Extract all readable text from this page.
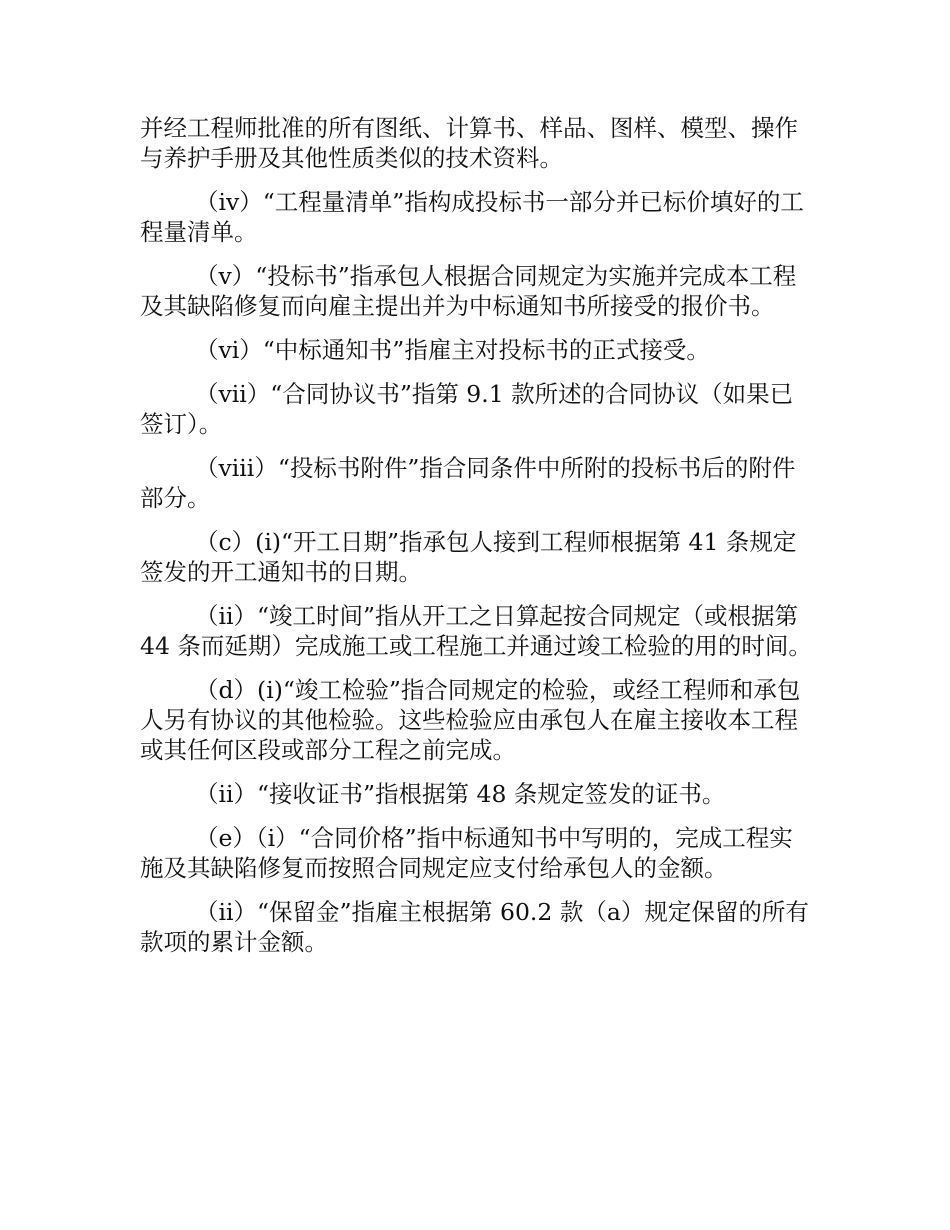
并经工程师批准的所有图纸、计算书、样品、图样、模型、操作与养护手册及其他性质类似的技术资料。

（iv）“工程量清单”指构成投标书一部分并已标价填好的工程量清单。

（v）“投标书”指承包人根据合同规定为实施并完成本工程及其缺陷修复而向雇主提出并为中标通知书所接受的报价书。

（vi）“中标通知书”指雇主对投标书的正式接受。

（vii）“合同协议书”指第 9.1 款所述的合同协议（如果已签订）。

（viii）“投标书附件”指合同条件中所附的投标书后的附件部分。

（c）(i)“开工日期”指承包人接到工程师根据第 41 条规定签发的开工通知书的日期。

（ii）“竣工时间”指从开工之日算起按合同规定（或根据第 44 条而延期）完成施工或工程施工并通过竣工检验的用的时间。

（d）(i)“竣工检验”指合同规定的检验，或经工程师和承包人另有协议的其他检验。这些检验应由承包人在雇主接收本工程或其任何区段或部分工程之前完成。

（ii）“接收证书”指根据第 48 条规定签发的证书。

（e）（i）“合同价格”指中标通知书中写明的，完成工程实施及其缺陷修复而按照合同规定应支付给承包人的金额。

（ii）“保留金”指雇主根据第 60.2 款（a）规定保留的所有款项的累计金额。
